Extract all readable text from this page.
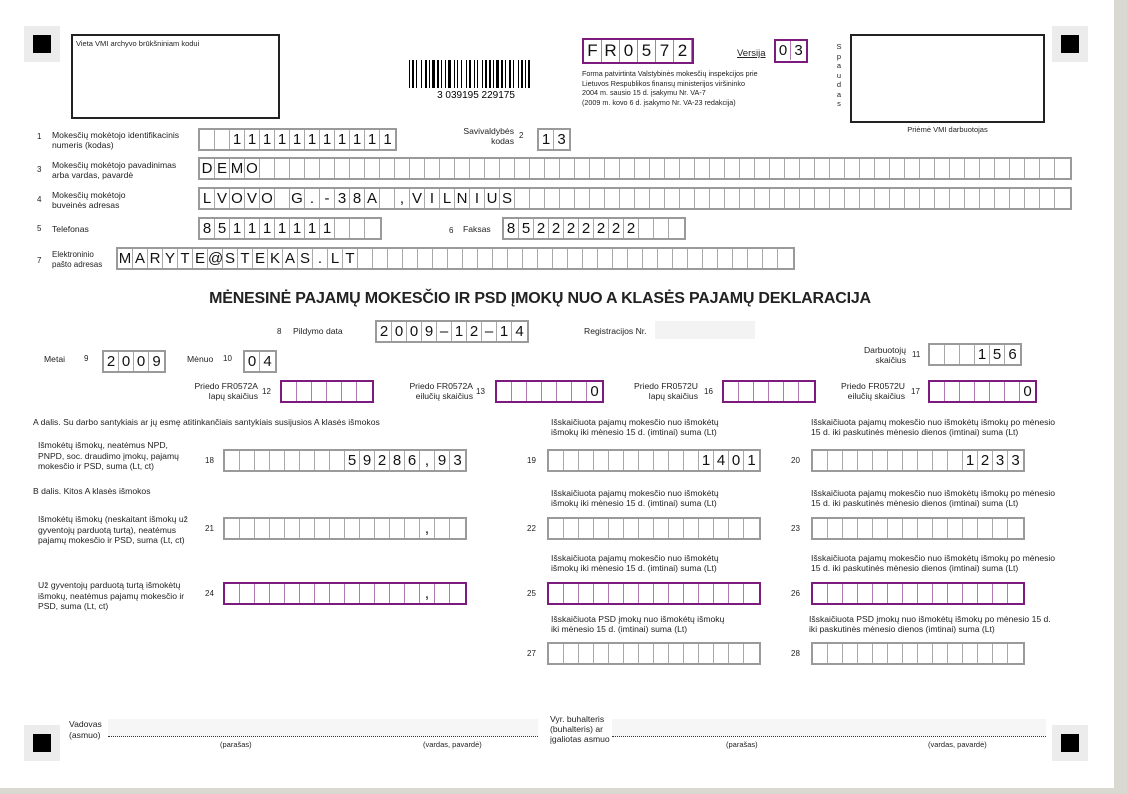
Vieta VMI archyvo brūkšniniam kodui
3 039195 229175
F R 0 5 7 2	Versija 0 3
Forma patvirtinta Valstybinės mokesčių inspekcijos prie
Lietuvos Respublikos finansų ministerijos viršininko
2004 m. sausio 15 d. įsakymu Nr. VA-7
(2009 m. kovo 6 d. įsakymo Nr. VA-23 redakcija)
S
p
a
u
d
a
s
Priėmė VMI darbuotojas
1 Mokesčių mokėtojo identifikacinis
numeris (kodas)	1 1 1 1 1 1 1 1 1 1 1	Savivaldybės
kodas
2 1 3
3 Mokesčių mokėtojo pavadinimas
arba vardas, pavardė	D E M O
4 Mokesčių mokėtojo
buveinės adresas	L V O V O G . - 3 8 A	, V I L N I U S
5 Telefonas	8 5 1 1 1 1 1 1 1	6 Faksas 8 5 2 2 2 2 2 2 2
7
Elektroninio
pašto adresas M A R Y T E @ S T E K A S . L T
MĖNESINĖ PAJAMŲ MOKESČIO IR PSD ĮMOKŲ NUO A KLASĖS PAJAMŲ DEKLARACIJA
8 Pildymo data 2 0 0 9 – 1 2 – 1 4	Registracijos Nr.
Metai 9 2 0 0 9	Mėnuo 10 0 4
Darbuotojų
skaičius
11	1 5 6
Priedo FR0572A
lapų skaičius 12
Priedo FR0572A
eilučių skaičius 13	0	Priedo FR0572U
lapų skaičius 16
Priedo FR0572U
eilučių skaičius 17	0
A dalis. Su darbo santykiais ar jų esmę atitinkančiais santykiais susijusios A klasės išmokos	Išskaičiuota pajamų mokesčio nuo išmokėtų
išmokų iki mėnesio 15 d. (imtinai) suma (Lt)
Išskaičiuota pajamų mokesčio nuo išmokėtų išmokų po mėnesio
15 d. iki paskutinės mėnesio dienos (imtinai) suma (Lt)
Išmokėtų išmokų, neatėmus NPD,
PNPD, soc. draudimo įmokų, pajamų
mokesčio ir PSD, suma (Lt, ct)
18	5 9 2 8 6 , 9 3	19	1 4 0 1	20	1 2 3 3
B dalis. Kitos A klasės išmokos	Išskaičiuota pajamų mokesčio nuo išmokėtų
išmokų iki mėnesio 15 d. (imtinai) suma (Lt)
Išskaičiuota pajamų mokesčio nuo išmokėtų išmokų po mėnesio
15 d. iki paskutinės mėnesio dienos (imtinai) suma (Lt)
Išmokėtų išmokų (neskaitant išmokų už
gyventojų parduotą turtą), neatėmus
pajamų mokesčio ir PSD, suma (Lt, ct)
21	,	22	23
Išskaičiuota pajamų mokesčio nuo išmokėtų
išmokų iki mėnesio 15 d. (imtinai) suma (Lt)
Išskaičiuota pajamų mokesčio nuo išmokėtų išmokų po mėnesio
15 d. iki paskutinės mėnesio dienos (imtinai) suma (Lt)
Už gyventojų parduotą turtą išmokėtų
išmokų, neatėmus pajamų mokesčio ir
PSD, suma (Lt, ct)
24	,	25	26
Išskaičiuota PSD įmokų nuo išmokėtų išmokų
iki mėnesio 15 d. (imtinai) suma (Lt)
Išskaičiuota PSD įmokų nuo išmokėtų išmokų po mėnesio 15 d.
iki paskutinės mėnesio dienos (imtinai) suma (Lt)
27	28
Vadovas
(asmuo)
(parašas)	(vardas, pavardė)
Vyr. buhalteris
(buhalteris) ar
įgaliotas asmuo
(parašas)	(vardas, pavardė)
